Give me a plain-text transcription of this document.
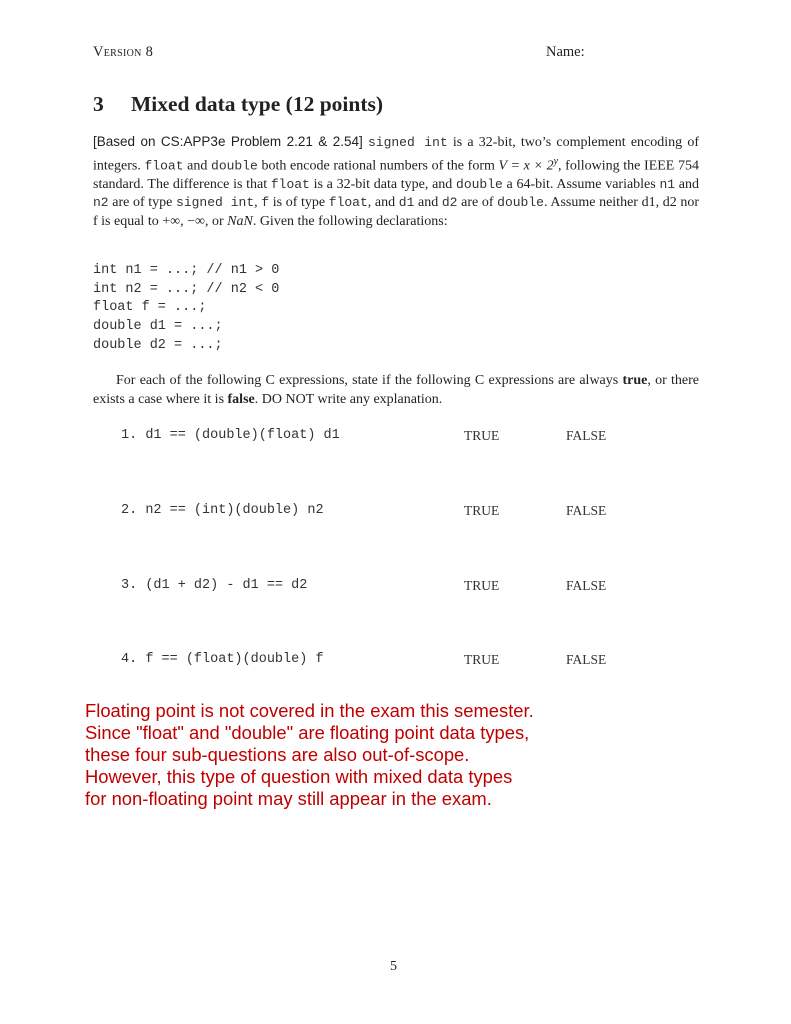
Version 8	Name:
3 Mixed data type (12 points)
[Based on CS:APP3e Problem 2.21 & 2.54] signed int is a 32-bit, two’s complement encoding of integers. float and double both encode rational numbers of the form $V = x \times 2^y$, following the IEEE 754 standard. The difference is that float is a 32-bit data type, and double a 64-bit. Assume variables n1 and n2 are of type signed int, f is of type float, and d1 and d2 are of double. Assume neither d1, d2 nor f is equal to +∞, −∞, or NaN. Given the following declarations:
int n1 = ...; // n1 > 0
int n2 = ...; // n2 < 0
float f = ...;
double d1 = ...;
double d2 = ...;
For each of the following C expressions, state if the following C expressions are always true, or there exists a case where it is false. DO NOT write any explanation.
1. d1 == (double)(float) d1	TRUE	FALSE
2. n2 == (int)(double) n2	TRUE	FALSE
3. (d1 + d2) - d1 == d2	TRUE	FALSE
4. f == (float)(double) f	TRUE	FALSE
Floating point is not covered in the exam this semester.
Since "float" and "double" are floating point data types,
these four sub-questions are also out-of-scope.
However, this type of question with mixed data types
for non-floating point may still appear in the exam.
5
